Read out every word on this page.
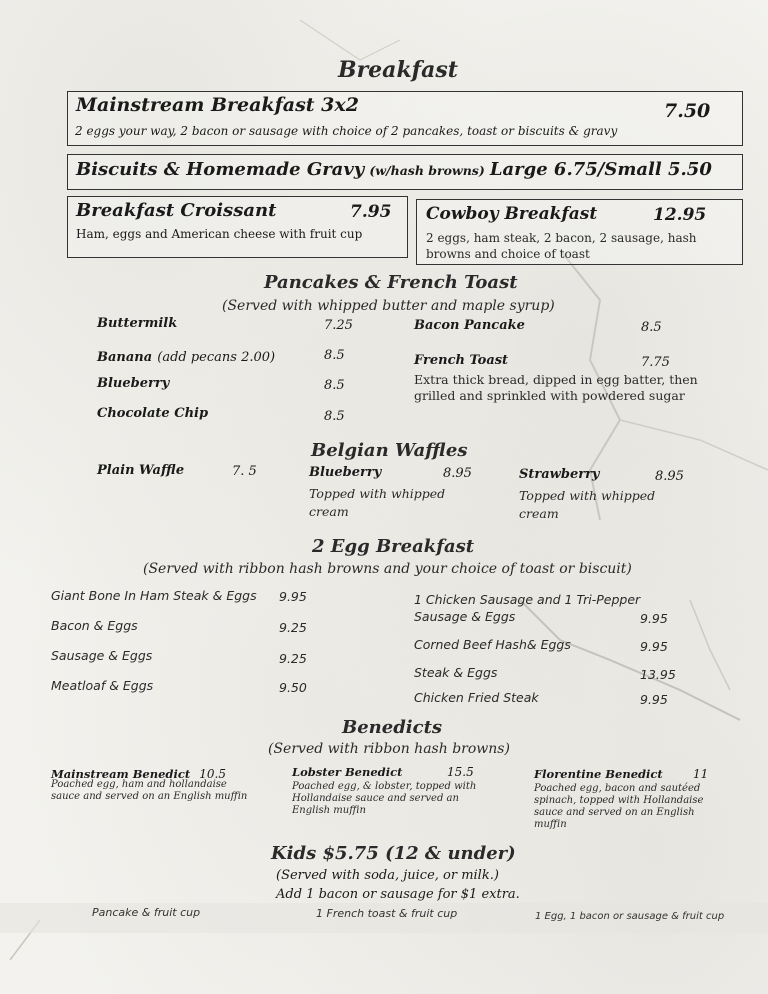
Breakfast
Mainstream Breakfast 3x2	7.50
2 eggs your way, 2 bacon or sausage with choice of 2 pancakes, toast or biscuits & gravy
Biscuits & Homemade Gravy (w/hash browns) Large 6.75/Small 5.50
Breakfast Croissant	7.95
Ham, eggs and American cheese with fruit cup
Cowboy Breakfast	12.95
2 eggs, ham steak, 2 bacon, 2 sausage, hash browns and choice of toast
Pancakes & French Toast
(Served with whipped butter and maple syrup)
Buttermilk	7.25
Banana (add pecans 2.00)	8.5
Blueberry	8.5
Chocolate Chip	8.5
Bacon Pancake	8.5
French Toast	7.75
Extra thick bread, dipped in egg batter, then grilled and sprinkled with powdered sugar
Belgian Waffles
Plain Waffle	7. 5	Blueberry	8.95
Topped with whipped cream
Strawberry	8.95
Topped with whipped cream
2 Egg Breakfast
(Served with ribbon hash browns and your choice of toast or biscuit)
Giant Bone In Ham Steak & Eggs 9.95
Bacon & Eggs	9.25
Sausage & Eggs	9.25
Meatloaf & Eggs	9.50
1 Chicken Sausage and 1 Tri-Pepper
Sausage & Eggs	9.95
Corned Beef Hash& Eggs	9.95
Steak & Eggs	13.95
Chicken Fried Steak	9.95
Benedicts
(Served with ribbon hash browns)
Mainstream Benedict 10.5
Poached egg, ham and hollandaise sauce and served on an English muffin
Lobster Benedict	15.5
Poached egg, & lobster, topped with Hollandaise sauce and served an English muffin
Florentine Benedict	11
Poached egg, bacon and sautéed spinach, topped with Hollandaise sauce and served on an English muffin
Kids $5.75 (12 & under)
(Served with soda, juice, or milk.)
Add 1 bacon or sausage for $1 extra.
Pancake & fruit cup	1 French toast & fruit cup	1 Egg, 1 bacon or sausage & fruit cup
